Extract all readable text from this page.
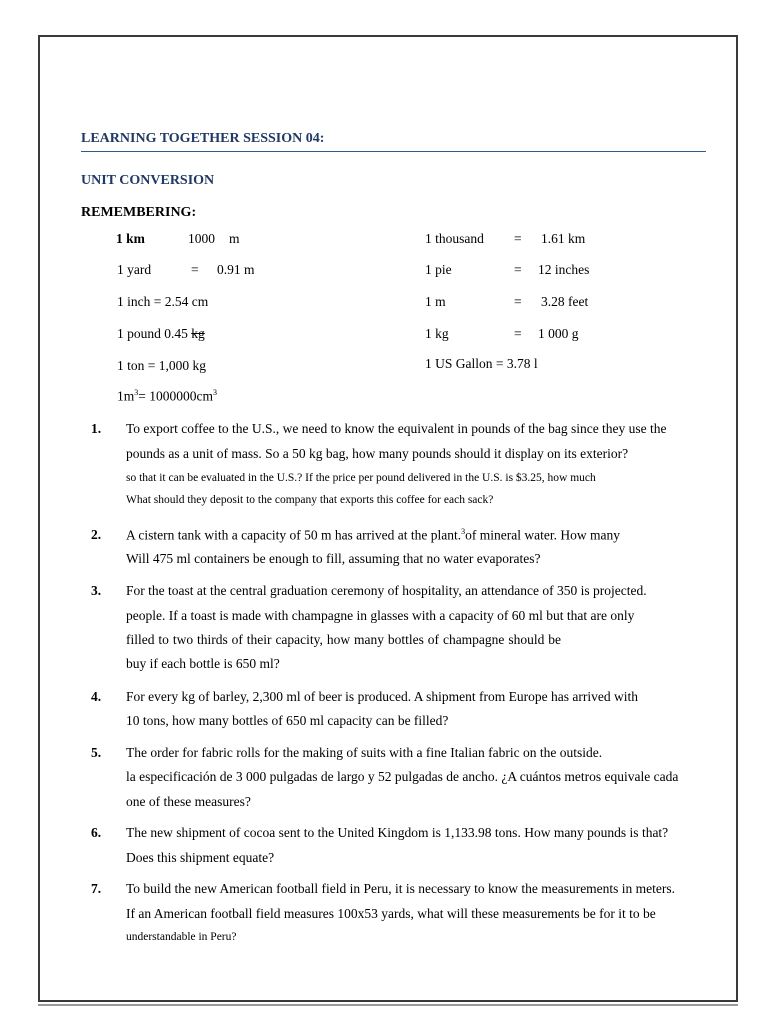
LEARNING TOGETHER SESSION 04:
UNIT CONVERSION
REMEMBERING:
1 km	1000 m
1 yard	= 0.91 m
1 inch = 2.54 cm
1 pound 0.45 kg
1 ton = 1,000 kg
$1m^3= 1000000cm^3$
1 thousand = 1.61 km
1 pie	= 12 inches
1 m	= 3.28 feet
1 kg	= 1 000 g
1 US Gallon = 3.78 l
1. To export coffee to the U.S., we need to know the equivalent in pounds of the bag since they use the
pounds as a unit of mass. So a 50 kg bag, how many pounds should it display on its exterior?
so that it can be evaluated in the U.S.? If the price per pound delivered in the U.S. is $3.25, how much
What should they deposit to the company that exports this coffee for each sack?
2. A cistern tank with a capacity of 50 m has arrived at the plant.$^3$of mineral water. How many
Will 475 ml containers be enough to fill, assuming that no water evaporates?
3. For the toast at the central graduation ceremony of hospitality, an attendance of 350 is projected.
people. If a toast is made with champagne in glasses with a capacity of 60 ml but that are only
filled to two thirds of their capacity, how many bottles of champagne should be
buy if each bottle is 650 ml?
4. For every kg of barley, 2,300 ml of beer is produced. A shipment from Europe has arrived with
10 tons, how many bottles of 650 ml capacity can be filled?
5. The order for fabric rolls for the making of suits with a fine Italian fabric on the outside.
la especificación de 3 000 pulgadas de largo y 52 pulgadas de ancho. ¿A cuántos metros equivale cada
one of these measures?
6. The new shipment of cocoa sent to the United Kingdom is 1,133.98 tons. How many pounds is that?
Does this shipment equate?
7. To build the new American football field in Peru, it is necessary to know the measurements in meters.
If an American football field measures 100x53 yards, what will these measurements be for it to be
understandable in Peru?
